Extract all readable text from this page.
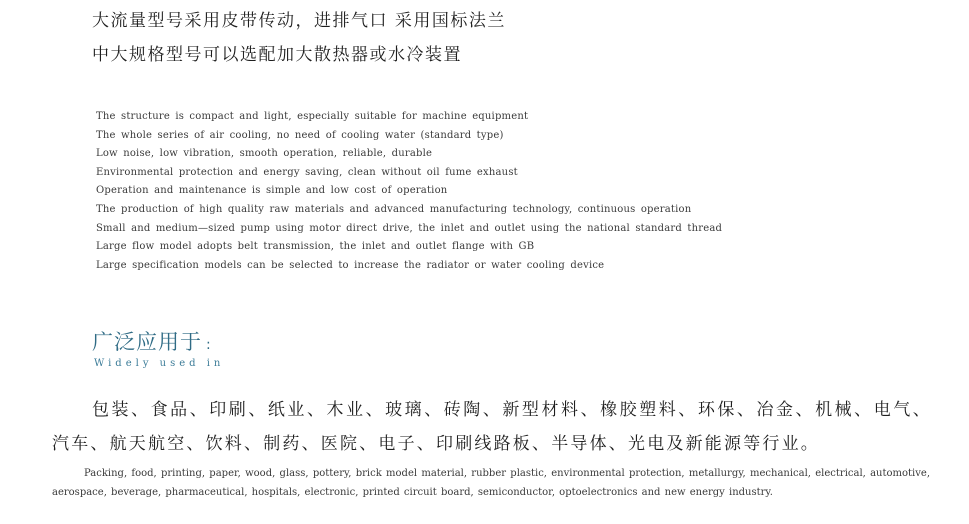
大流量型号采用皮带传动，进排气口 采用国标法兰
中大规格型号可以选配加大散热器或水冷装置
The structure is compact and light, especially suitable for machine equipment
The whole series of air cooling, no need of cooling water (standard type)
Low noise, low vibration, smooth operation, reliable, durable
Environmental protection and energy saving, clean without oil fume exhaust
Operation and maintenance is simple and low cost of operation
The production of high quality raw materials and advanced manufacturing technology, continuous operation
Small and medium—sized pump using motor direct drive, the inlet and outlet using the national standard thread
Large flow model adopts belt transmission, the inlet and outlet flange with GB
Large specification models can be selected to increase the radiator or water cooling device
广泛应用于 :
Widely used in

包装、食品、印刷、纸业、木业、玻璃、砖陶、新型材料、橡胶塑料、环保、冶金、机械、电气、汽车、航天航空、饮料、制药、医院、电子、印刷线路板、半导体、光电及新能源等行业。

Packing, food, printing, paper, wood, glass, pottery, brick model material, rubber plastic, environmental protection, metallurgy, mechanical, electrical, automotive, aerospace, beverage, pharmaceutical, hospitals, electronic, printed circuit board, semiconductor, optoelectronics and new energy industry.
